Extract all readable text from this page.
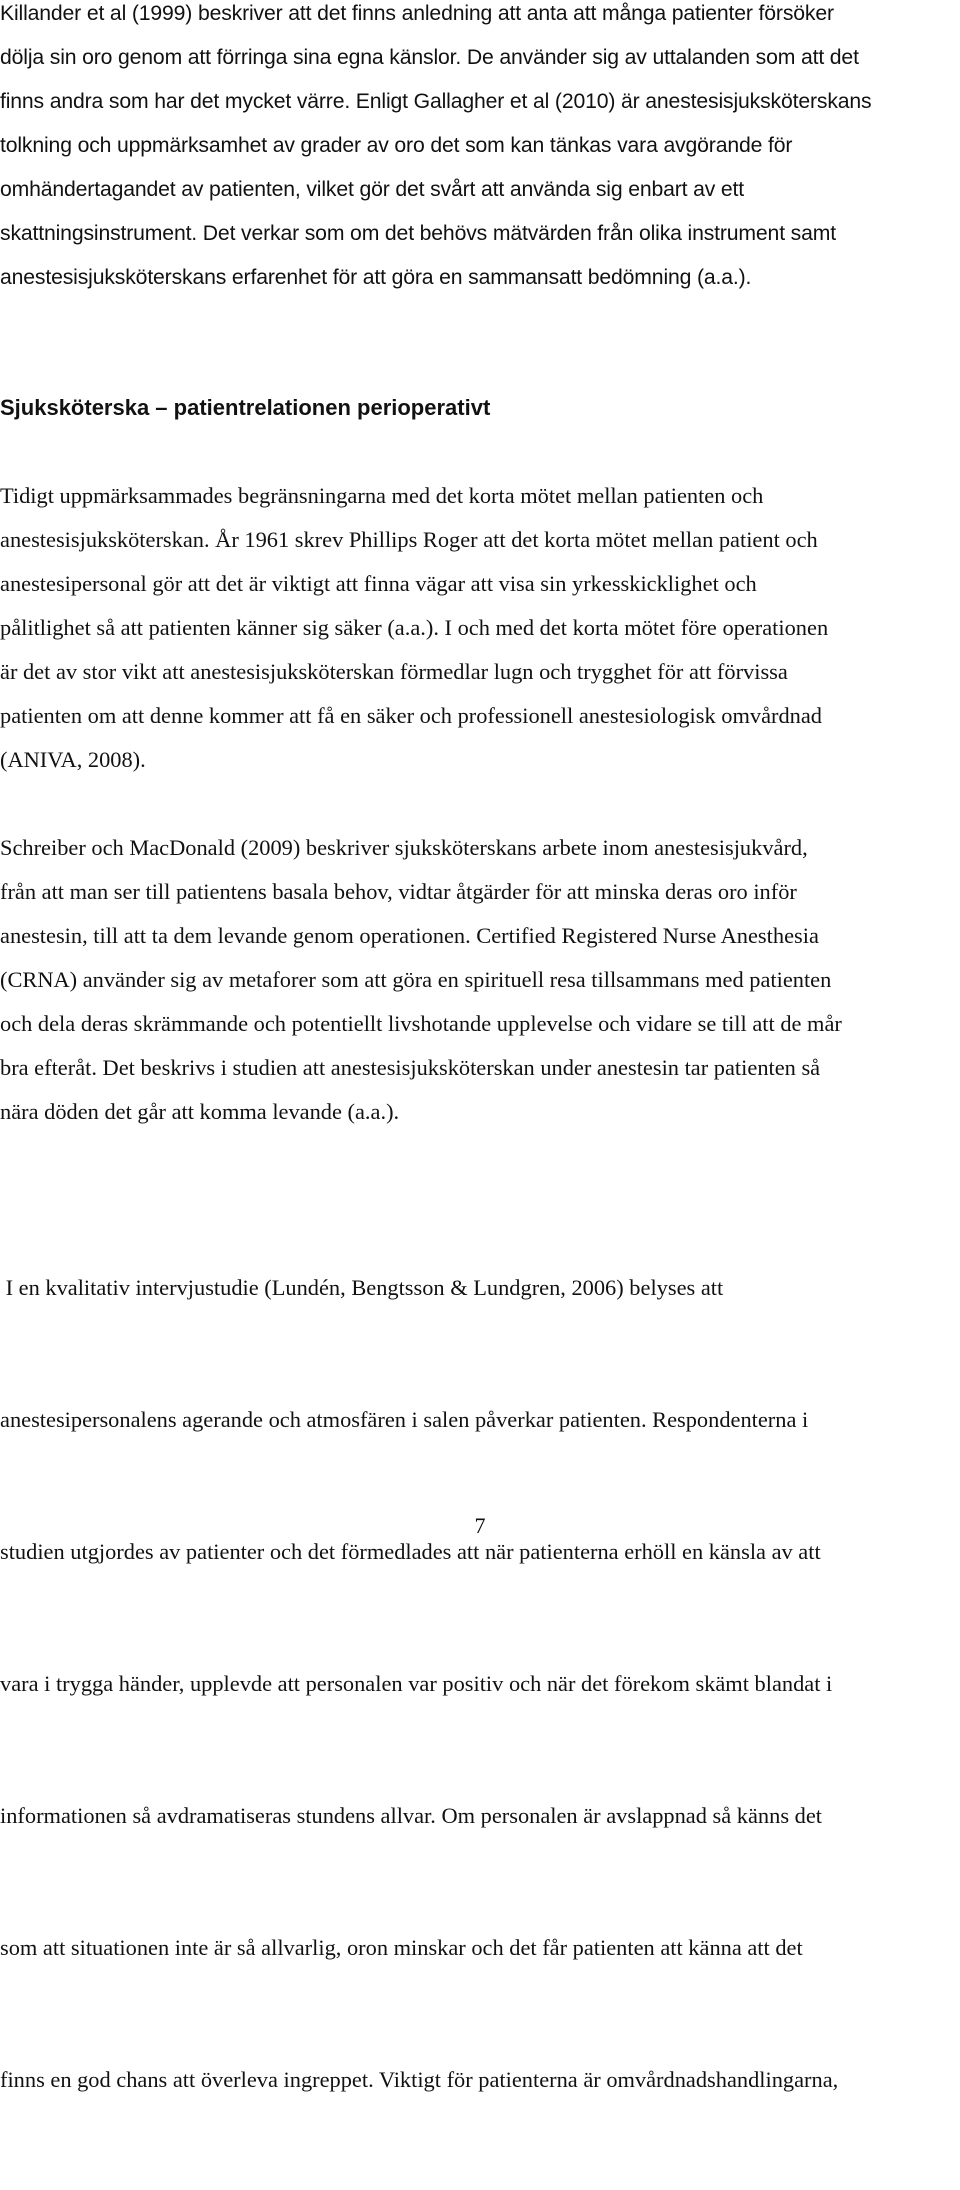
Killander et al (1999) beskriver att det finns anledning att anta att många patienter försöker
dölja sin oro genom att förringa sina egna känslor. De använder sig av uttalanden som att det
finns andra som har det mycket värre. Enligt Gallagher et al (2010) är anestesisjuksköterskans
tolkning och uppmärksamhet av grader av oro det som kan tänkas vara avgörande för
omhändertagandet av patienten, vilket gör det svårt att använda sig enbart av ett
skattningsinstrument. Det verkar som om det behövs mätvärden från olika instrument samt
anestesisjuksköterskans erfarenhet för att göra en sammansatt bedömning (a.a.).

Sjuksköterska – patientrelationen perioperativt

Tidigt uppmärksammades begränsningarna med det korta mötet mellan patienten och
anestesisjuksköterskan. År 1961 skrev Phillips Roger att det korta mötet mellan patient och
anestesipersonal gör att det är viktigt att finna vägar att visa sin yrkesskicklighet och
pålitlighet så att patienten känner sig säker (a.a.). I och med det korta mötet före operationen
är det av stor vikt att anestesisjuksköterskan förmedlar lugn och trygghet för att förvissa
patienten om att denne kommer att få en säker och professionell anestesiologisk omvårdnad
(ANIVA, 2008).

Schreiber och MacDonald (2009) beskriver sjuksköterskans arbete inom anestesisjukvård,
från att man ser till patientens basala behov, vidtar åtgärder för att minska deras oro inför
anestesin, till att ta dem levande genom operationen. Certified Registered Nurse Anesthesia
(CRNA) använder sig av metaforer som att göra en spirituell resa tillsammans med patienten
och dela deras skrämmande och potentiellt livshotande upplevelse och vidare se till att de mår
bra efteråt. Det beskrivs i studien att anestesisjuksköterskan under anestesin tar patienten så
nära döden det går att komma levande (a.a.).

I en kvalitativ intervjustudie (Lundén, Bengtsson & Lundgren, 2006) belyses att

anestesipersonalens agerande och atmosfären i salen påverkar patienten. Respondenterna i

studien utgjordes av patienter och det förmedlades att när patienterna erhöll en känsla av att

vara i trygga händer, upplevde att personalen var positiv och när det förekom skämt blandat i

informationen så avdramatiseras stundens allvar. Om personalen är avslappnad så känns det

som att situationen inte är så allvarlig, oron minskar och det får patienten att känna att det

finns en god chans att överleva ingreppet. Viktigt för patienterna är omvårdnadshandlingarna,

7
